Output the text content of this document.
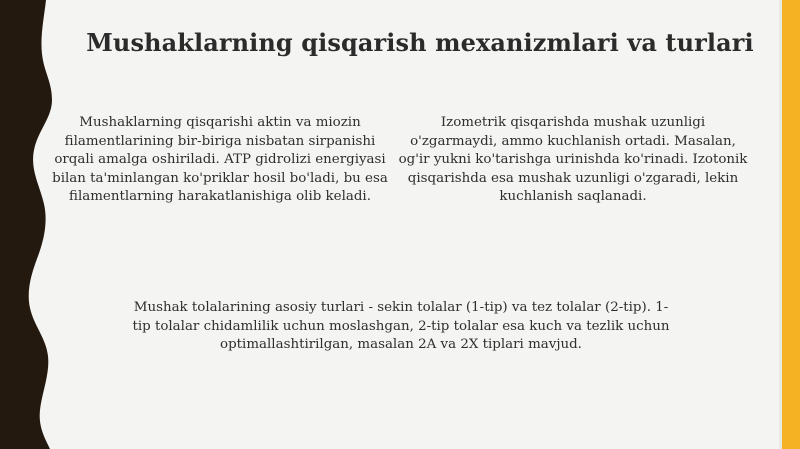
Mushaklarning qisqarish mexanizmlari va turlari
Mushaklarning qisqarishi aktin va miozin filamentlarining bir-biriga nisbatan sirpanishi orqali amalga oshiriladi. ATP gidrolizi energiyasi bilan ta'minlangan ko'priklar hosil bo'ladi, bu esa filamentlarning harakatlanishiga olib keladi.
Izometrik qisqarishda mushak uzunligi o'zgarmaydi, ammo kuchlanish ortadi. Masalan, og'ir yukni ko'tarishga urinishda ko'rinadi. Izotonik qisqarishda esa mushak uzunligi o'zgaradi, lekin kuchlanish saqlanadi.
Mushak tolalarining asosiy turlari - sekin tolalar (1-tip) va tez tolalar (2-tip). 1-tip tolalar chidamlilik uchun moslashgan, 2-tip tolalar esa kuch va tezlik uchun optimallashtirilgan, masalan 2A va 2X tiplari mavjud.
